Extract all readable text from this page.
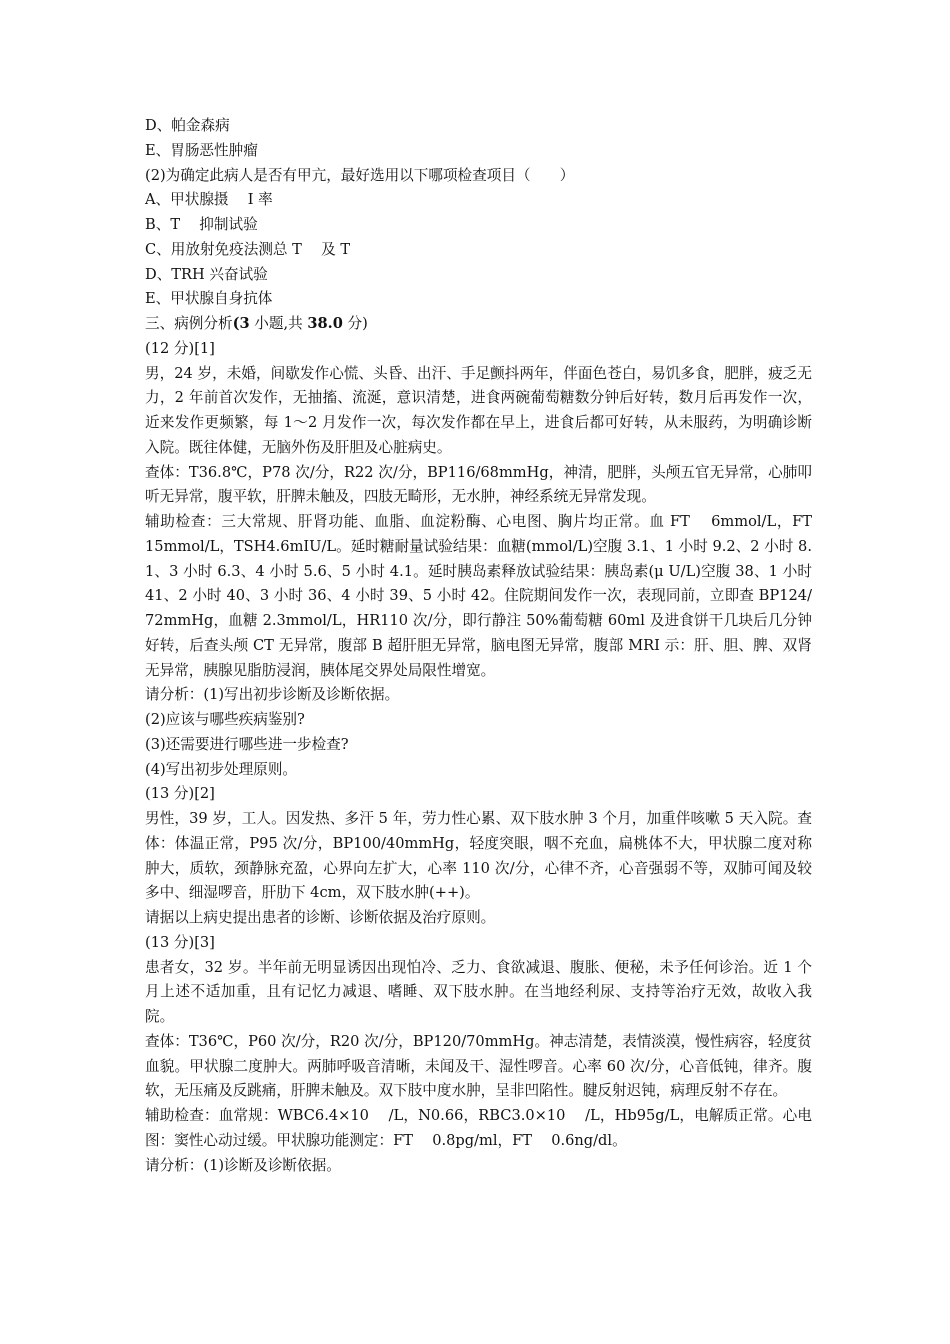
D、帕金森病
E、胃肠恶性肿瘤
(2)为确定此病人是否有甲亢，最好选用以下哪项检查项目（　　）
A、甲状腺摄　 I 率
B、T　 抑制试验
C、用放射免疫法测总 T　 及 T
D、TRH 兴奋试验
E、甲状腺自身抗体
三、病例分析(3 小题,共 38.0 分)
(12 分)[1]
男，24 岁，未婚，间歇发作心慌、头昏、出汗、手足颤抖两年，伴面色苍白，易饥多食，肥胖，疲乏无力，2 年前首次发作，无抽搐、流涎，意识清楚，进食两碗葡萄糖数分钟后好转，数月后再发作一次，近来发作更频繁，每 1～2 月发作一次，每次发作都在早上，进食后都可好转，从未服药，为明确诊断入院。既往体健，无脑外伤及肝胆及心脏病史。
查体：T36.8℃，P78 次/分，R22 次/分，BP116/68mmHg，神清，肥胖，头颅五官无异常，心肺叩听无异常，腹平软，肝脾未触及，四肢无畸形，无水肿，神经系统无异常发现。
辅助检查：三大常规、肝肾功能、血脂、血淀粉酶、心电图、胸片均正常。血 FT　 6mmol/L，FT　 15mmol/L，TSH4.6mIU/L。延时糖耐量试验结果：血糖(mmol/L)空腹 3.1、1 小时 9.2、2 小时 8.1、3 小时 6.3、4 小时 5.6、5 小时 4.1。延时胰岛素释放试验结果：胰岛素(μ U/L)空腹 38、1 小时 41、2 小时 40、3 小时 36、4 小时 39、5 小时 42。住院期间发作一次，表现同前，立即查 BP124/72mmHg，血糖 2.3mmol/L，HR110 次/分，即行静注 50%葡萄糖 60ml 及进食饼干几块后几分钟好转，后查头颅 CT 无异常，腹部 B 超肝胆无异常，脑电图无异常，腹部 MRI 示：肝、胆、脾、双肾无异常，胰腺见脂肪浸润，胰体尾交界处局限性增宽。
请分析：(1)写出初步诊断及诊断依据。
(2)应该与哪些疾病鉴别?
(3)还需要进行哪些进一步检查?
(4)写出初步处理原则。
(13 分)[2]
男性，39 岁，工人。因发热、多汗 5 年，劳力性心累、双下肢水肿 3 个月，加重伴咳嗽 5 天入院。查体：体温正常，P95 次/分，BP100/40mmHg，轻度突眼，咽不充血，扁桃体不大，甲状腺二度对称肿大，质软，颈静脉充盈，心界向左扩大，心率 110 次/分，心律不齐，心音强弱不等，双肺可闻及较多中、细湿啰音，肝肋下 4cm，双下肢水肿(++)。
请据以上病史提出患者的诊断、诊断依据及治疗原则。
(13 分)[3]
患者女，32 岁。半年前无明显诱因出现怕冷、乏力、食欲减退、腹胀、便秘，未予任何诊治。近 1 个月上述不适加重，且有记忆力减退、嗜睡、双下肢水肿。在当地经利尿、支持等治疗无效，故收入我院。
查体：T36℃，P60 次/分，R20 次/分，BP120/70mmHg。神志清楚，表情淡漠，慢性病容，轻度贫血貌。甲状腺二度肿大。两肺呼吸音清晰，未闻及干、湿性啰音。心率 60 次/分，心音低钝，律齐。腹软，无压痛及反跳痛，肝脾未触及。双下肢中度水肿，呈非凹陷性。腱反射迟钝，病理反射不存在。
辅助检查：血常规：WBC6.4×10　 /L，N0.66，RBC3.0×10　 /L，Hb95g/L，电解质正常。心电图：窦性心动过缓。甲状腺功能测定：FT　 0.8pg/ml，FT　 0.6ng/dl。
请分析：(1)诊断及诊断依据。
